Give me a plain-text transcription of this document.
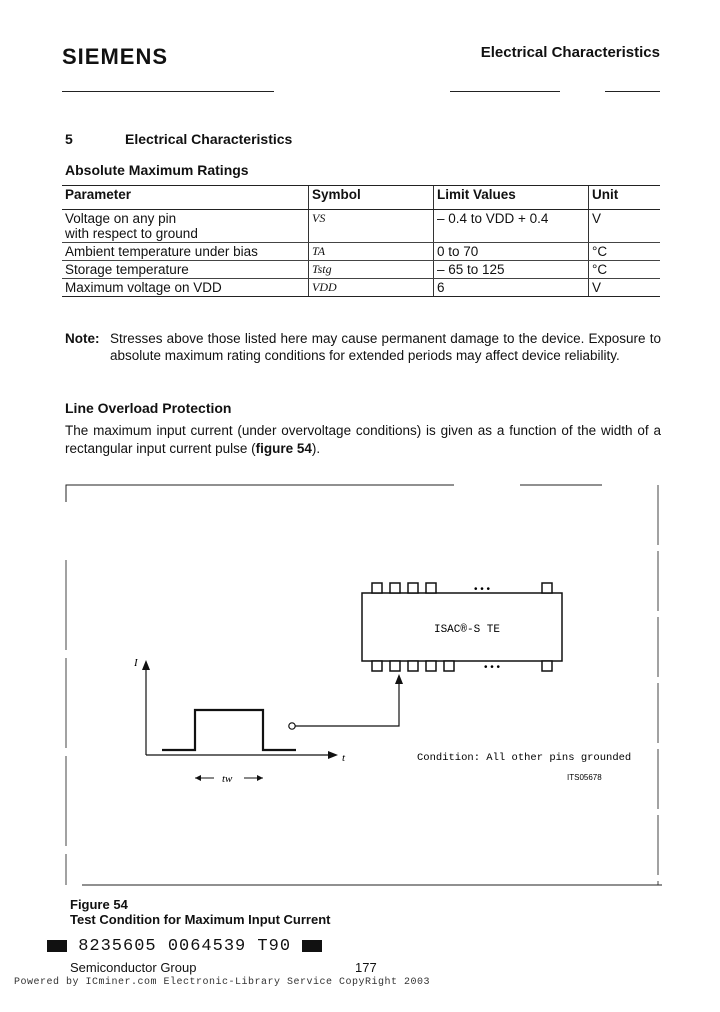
SIEMENS	Electrical Characteristics
5	Electrical Characteristics
Absolute Maximum Ratings
Parameter	Symbol	Limit Values	Unit
Voltage on any pin
with respect to ground	VS	– 0.4 to VDD + 0.4	V
Ambient temperature under bias	TA	0 to 70	°C
Storage temperature	Tstg	– 65 to 125	°C
Maximum voltage on VDD	VDD	6	V
Note: Stresses above those listed here may cause permanent damage to the device. Exposure to absolute maximum rating conditions for extended periods may affect device reliability.
Line Overload Protection
The maximum input current (under overvoltage conditions) is given as a function of the width of a rectangular input current pulse (figure 54).
• • •
• • •
ISAC®-S TE
I
t
tw
Condition: All other pins grounded
ITS05678
Figure 54
Test Condition for Maximum Input Current
8235605 0064539 T90
Semiconductor Group	177
Powered by ICminer.com Electronic-Library Service CopyRight 2003
